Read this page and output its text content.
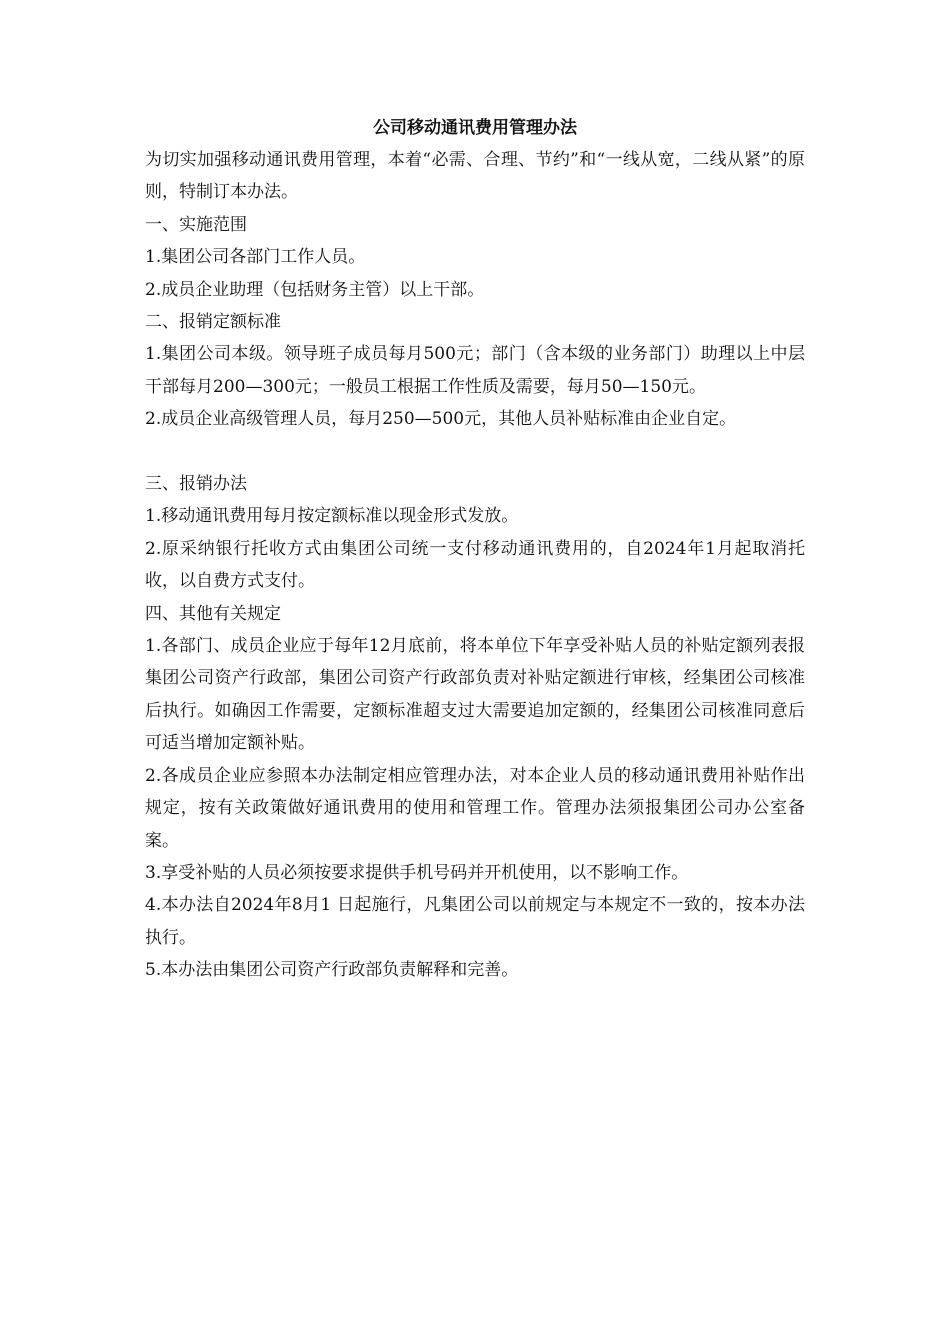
公司移动通讯费用管理办法

为切实加强移动通讯费用管理，本着“必需、合理、节约”和“一线从宽，二线从紧”的原则，特制订本办法。

一、实施范围

1.集团公司各部门工作人员。

2.成员企业助理（包括财务主管）以上干部。

二、报销定额标准

1.集团公司本级。领导班子成员每月500元；部门（含本级的业务部门）助理以上中层干部每月200—300元；一般员工根据工作性质及需要，每月50—150元。

2.成员企业高级管理人员，每月250—500元，其他人员补贴标准由企业自定。

三、报销办法

1.移动通讯费用每月按定额标准以现金形式发放。

2.原采纳银行托收方式由集团公司统一支付移动通讯费用的，自2024年1月起取消托收，以自费方式支付。

四、其他有关规定

1.各部门、成员企业应于每年12月底前，将本单位下年享受补贴人员的补贴定额列表报集团公司资产行政部，集团公司资产行政部负责对补贴定额进行审核，经集团公司核准后执行。如确因工作需要，定额标准超支过大需要追加定额的，经集团公司核准同意后可适当增加定额补贴。

2.各成员企业应参照本办法制定相应管理办法，对本企业人员的移动通讯费用补贴作出规定，按有关政策做好通讯费用的使用和管理工作。管理办法须报集团公司办公室备案。

3.享受补贴的人员必须按要求提供手机号码并开机使用，以不影响工作。

4.本办法自2024年8月1 日起施行，凡集团公司以前规定与本规定不一致的，按本办法执行。

5.本办法由集团公司资产行政部负责解释和完善。
